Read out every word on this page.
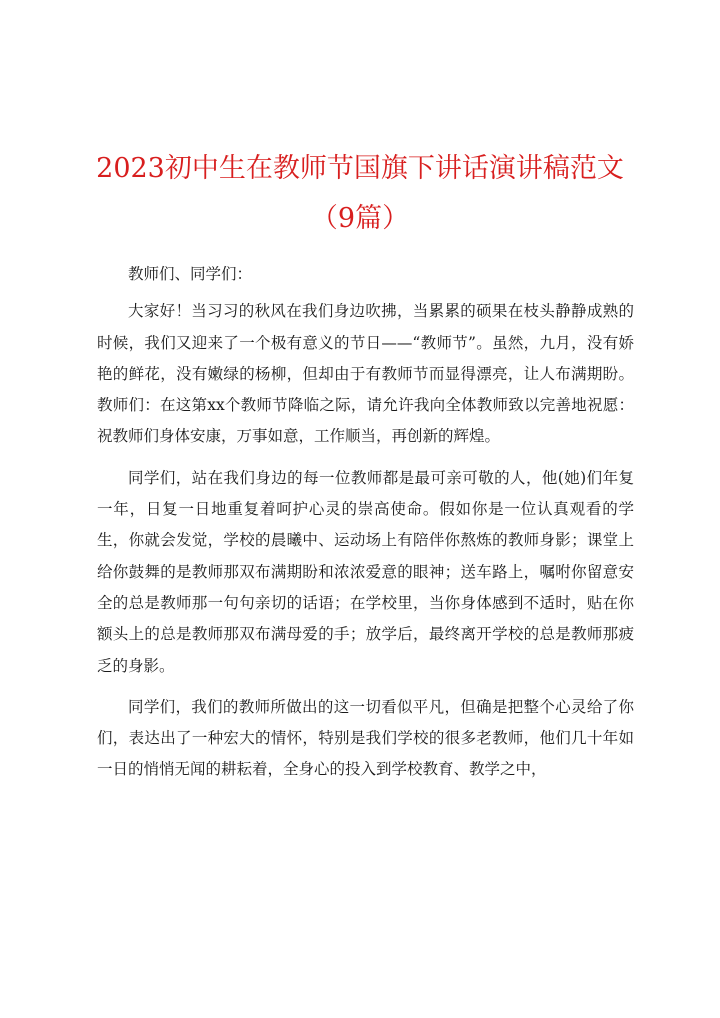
2023初中生在教师节国旗下讲话演讲稿范文
（9篇）

教师们、同学们：

大家好！当习习的秋风在我们身边吹拂，当累累的硕果在枝头静静成熟的时候，我们又迎来了一个极有意义的节日——“教师节”。虽然，九月，没有娇艳的鲜花，没有嫩绿的杨柳，但却由于有教师节而显得漂亮，让人布满期盼。教师们：在这第xx个教师节降临之际，请允许我向全体教师致以完善地祝愿：祝教师们身体安康，万事如意，工作顺当，再创新的辉煌。

同学们，站在我们身边的每一位教师都是最可亲可敬的人，他(她)们年复一年，日复一日地重复着呵护心灵的崇高使命。假如你是一位认真观看的学生，你就会发觉，学校的晨曦中、运动场上有陪伴你熬炼的教师身影；课堂上给你鼓舞的是教师那双布满期盼和浓浓爱意的眼神；送车路上，嘱咐你留意安全的总是教师那一句句亲切的话语；在学校里，当你身体感到不适时，贴在你额头上的总是教师那双布满母爱的手；放学后，最终离开学校的总是教师那疲乏的身影。

同学们，我们的教师所做出的这一切看似平凡，但确是把整个心灵给了你们，表达出了一种宏大的情怀，特别是我们学校的很多老教师，他们几十年如一日的悄悄无闻的耕耘着，全身心的投入到学校教育、教学之中，
